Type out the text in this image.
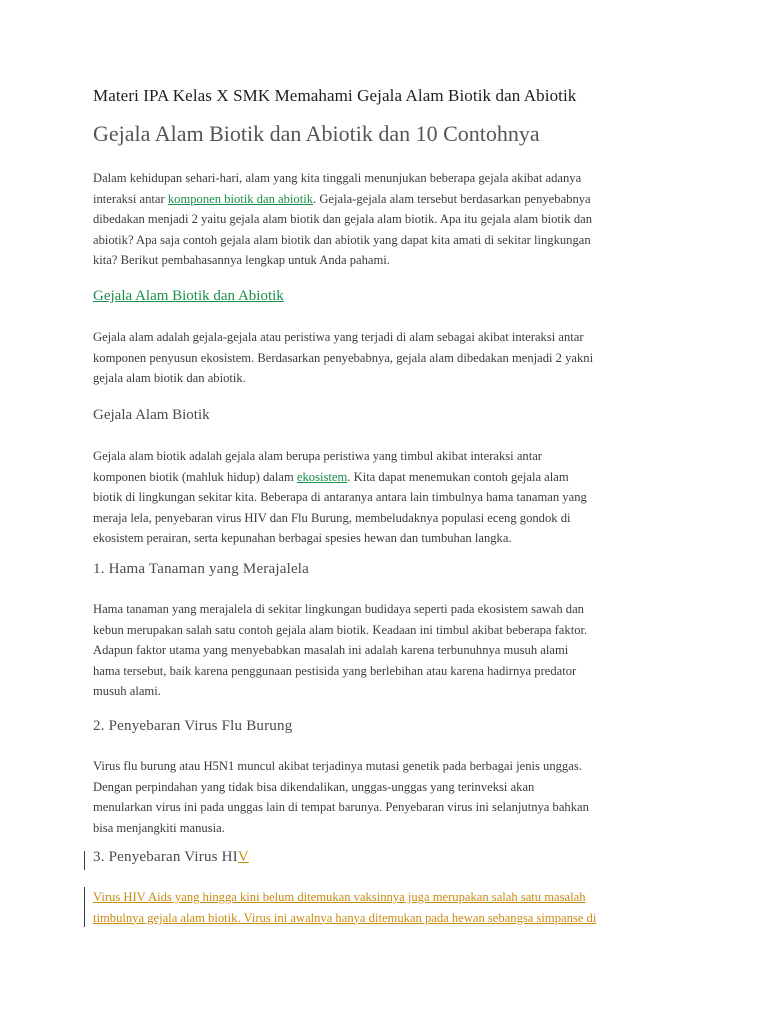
Materi IPA Kelas X SMK Memahami Gejala Alam Biotik dan Abiotik
Gejala Alam Biotik dan Abiotik dan 10 Contohnya
Dalam kehidupan sehari-hari, alam yang kita tinggali menunjukan beberapa gejala akibat adanya
interaksi antar komponen biotik dan abiotik. Gejala-gejala alam tersebut berdasarkan penyebabnya
dibedakan menjadi 2 yaitu gejala alam biotik dan gejala alam biotik. Apa itu gejala alam biotik dan
abiotik? Apa saja contoh gejala alam biotik dan abiotik yang dapat kita amati di sekitar lingkungan
kita? Berikut pembahasannya lengkap untuk Anda pahami.
Gejala Alam Biotik dan Abiotik
Gejala alam adalah gejala-gejala atau peristiwa yang terjadi di alam sebagai akibat interaksi antar
komponen penyusun ekosistem. Berdasarkan penyebabnya, gejala alam dibedakan menjadi 2 yakni
gejala alam biotik dan abiotik.
Gejala Alam Biotik
Gejala alam biotik adalah gejala alam berupa peristiwa yang timbul akibat interaksi antar
komponen biotik (mahluk hidup) dalam ekosistem. Kita dapat menemukan contoh gejala alam
biotik di lingkungan sekitar kita. Beberapa di antaranya antara lain timbulnya hama tanaman yang
meraja lela, penyebaran virus HIV dan Flu Burung, membeludaknya populasi eceng gondok di
ekosistem perairan, serta kepunahan berbagai spesies hewan dan tumbuhan langka.
1. Hama Tanaman yang Merajalela
Hama tanaman yang merajalela di sekitar lingkungan budidaya seperti pada ekosistem sawah dan
kebun merupakan salah satu contoh gejala alam biotik. Keadaan ini timbul akibat beberapa faktor.
Adapun faktor utama yang menyebabkan masalah ini adalah karena terbunuhnya musuh alami
hama tersebut, baik karena penggunaan pestisida yang berlebihan atau karena hadirnya predator
musuh alami.
2. Penyebaran Virus Flu Burung
Virus flu burung atau H5N1 muncul akibat terjadinya mutasi genetik pada berbagai jenis unggas.
Dengan perpindahan yang tidak bisa dikendalikan, unggas-unggas yang terinveksi akan
menularkan virus ini pada unggas lain di tempat barunya. Penyebaran virus ini selanjutnya bahkan
bisa menjangkiti manusia.
3. Penyebaran Virus HIV
Virus HIV Aids yang hingga kini belum ditemukan vaksinnya juga merupakan salah satu masalah
timbulnya gejala alam biotik. Virus ini awalnya hanya ditemukan pada hewan sebangsa simpanse di
